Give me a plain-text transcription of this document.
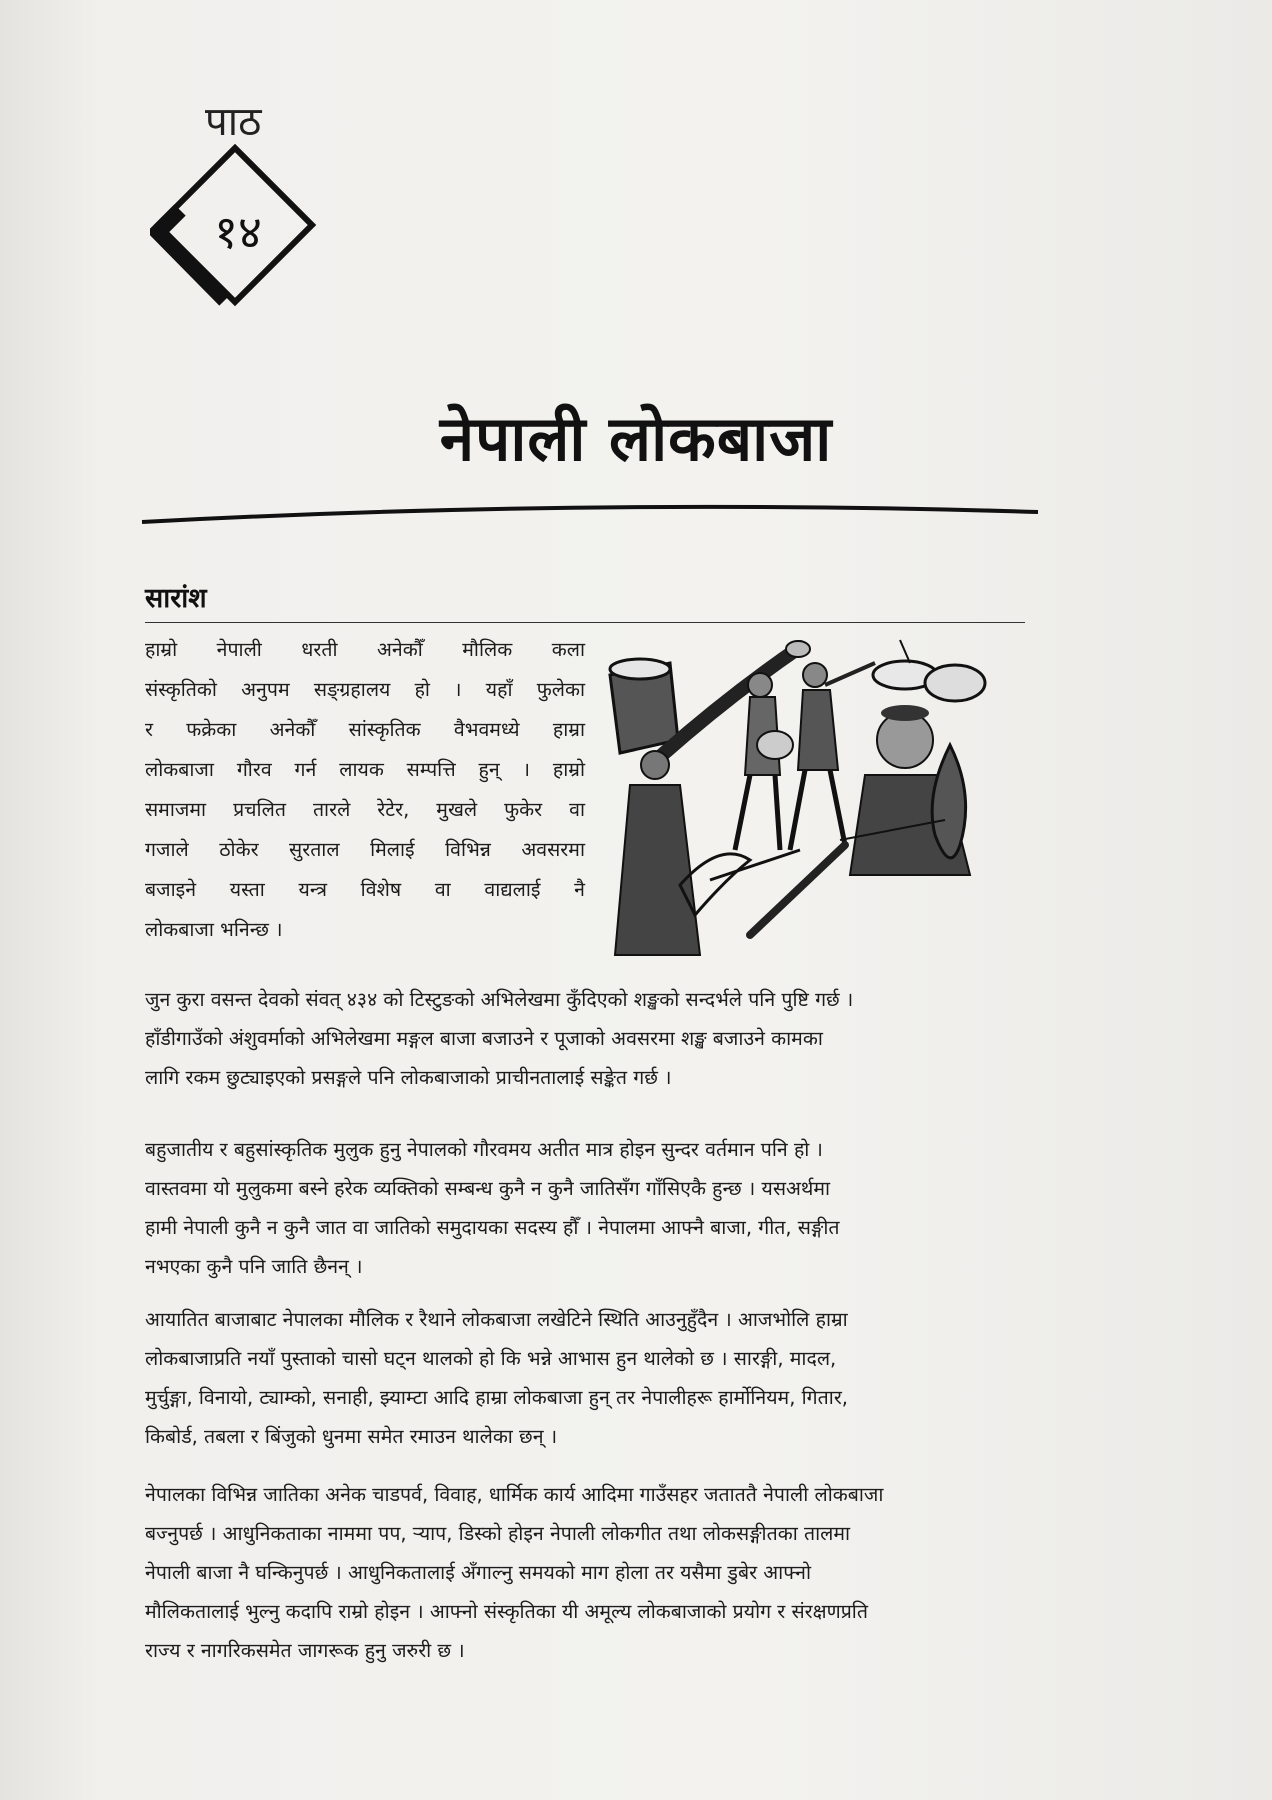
पाठ
१४
नेपाली लोकबाजा
सारांश
हाम्रो नेपाली धरती अनेकौँ मौलिक कला
संस्कृतिको अनुपम सङ्ग्रहालय हो । यहाँ फुलेका
र फक्रेका अनेकौँ सांस्कृतिक वैभवमध्ये हाम्रा
लोकबाजा गौरव गर्न लायक सम्पत्ति हुन् । हाम्रो
समाजमा प्रचलित तारले रेटेर, मुखले फुकेर वा
गजाले ठोकेर सुरताल मिलाई विभिन्न अवसरमा
बजाइने यस्ता यन्त्र विशेष वा वाद्यलाई नै
लोकबाजा भनिन्छ ।
जुन कुरा वसन्त देवको संवत् ४३४ को टिस्टुङको अभिलेखमा कुँदिएको शङ्खको सन्दर्भले पनि पुष्टि गर्छ ।
हाँडीगाउँको अंशुवर्माको अभिलेखमा मङ्गल बाजा बजाउने र पूजाको अवसरमा शङ्ख बजाउने कामका
लागि रकम छुट्याइएको प्रसङ्गले पनि लोकबाजाको प्राचीनतालाई सङ्केत गर्छ ।
बहुजातीय र बहुसांस्कृतिक मुलुक हुनु नेपालको गौरवमय अतीत मात्र होइन सुन्दर वर्तमान पनि हो ।
वास्तवमा यो मुलुकमा बस्ने हरेक व्यक्तिको सम्बन्ध कुनै न कुनै जातिसँग गाँसिएकै हुन्छ । यसअर्थमा
हामी नेपाली कुनै न कुनै जात वा जातिको समुदायका सदस्य हौँ । नेपालमा आफ्नै बाजा, गीत, सङ्गीत
नभएका कुनै पनि जाति छैनन् ।
आयातित बाजाबाट नेपालका मौलिक र रैथाने लोकबाजा लखेटिने स्थिति आउनुहुँदैन । आजभोलि हाम्रा
लोकबाजाप्रति नयाँ पुस्ताको चासो घट्न थालको हो कि भन्ने आभास हुन थालेको छ । सारङ्गी, मादल,
मुर्चुङ्गा, विनायो, ट्याम्को, सनाही, झ्याम्टा आदि हाम्रा लोकबाजा हुन् तर नेपालीहरू हार्मोनियम, गितार,
किबोर्ड, तबला र बिंजुको धुनमा समेत रमाउन थालेका छन् ।
नेपालका विभिन्न जातिका अनेक चाडपर्व, विवाह, धार्मिक कार्य आदिमा गाउँसहर जताततै नेपाली लोकबाजा
बज्नुपर्छ । आधुनिकताका नाममा पप, र्‍याप, डिस्को होइन नेपाली लोकगीत तथा लोकसङ्गीतका तालमा
नेपाली बाजा नै घन्किनुपर्छ । आधुनिकतालाई अँगाल्नु समयको माग होला तर यसैमा डुबेर आफ्नो
मौलिकतालाई भुल्नु कदापि राम्रो होइन । आफ्नो संस्कृतिका यी अमूल्य लोकबाजाको प्रयोग र संरक्षणप्रति
राज्य र नागरिकसमेत जागरूक हुनु जरुरी छ ।
